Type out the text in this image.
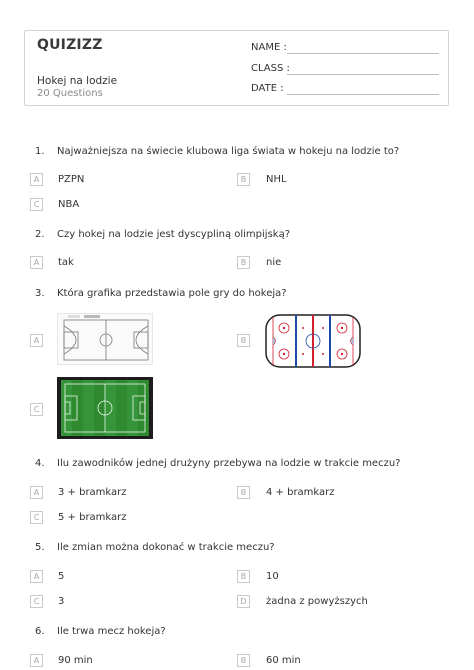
QUIZIZZ
Hokej na lodzie
20 Questions
NAME :
CLASS :
DATE :
1. Najważniejsza na świecie klubowa liga świata w hokeju na lodzie to?
A	PZPN	B	NHL
C	NBA
2. Czy hokej na lodzie jest dyscypliną olimpijską?
A	tak	B	nie
3. Która grafika przedstawia pole gry do hokeja?
A	B
C
4. Ilu zawodników jednej drużyny przebywa na lodzie w trakcie meczu?
A	3 + bramkarz	B	4 + bramkarz
C	5 + bramkarz
5. Ile zmian można dokonać w trakcie meczu?
A	5	B	10
C	3	D	żadna z powyższych
6. Ile trwa mecz hokeja?
A	90 min	B	60 min
